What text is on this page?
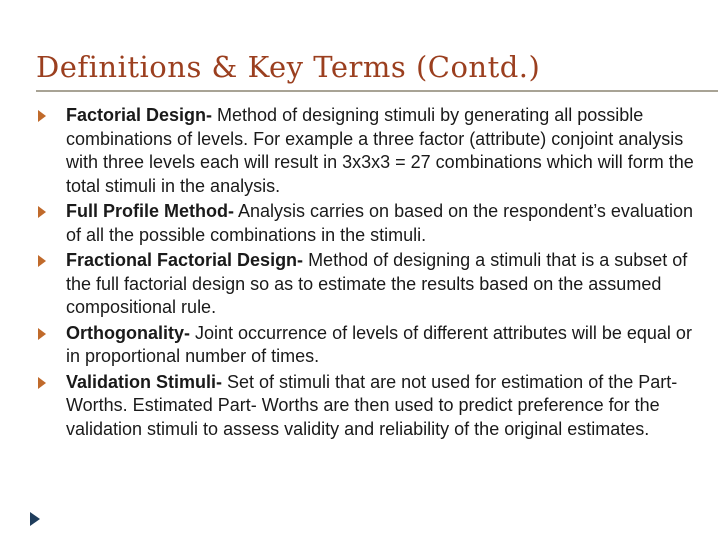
Definitions & Key Terms (Contd.)
Factorial Design- Method of designing stimuli by generating all possible combinations of levels. For example a three factor (attribute) conjoint analysis with three levels each will result in 3x3x3 = 27 combinations which will form the total stimuli in the analysis.
Full Profile Method- Analysis carries on based on the respondent’s evaluation of all the possible combinations in the stimuli.
Fractional Factorial Design- Method of designing a stimuli that is a subset of the full factorial design so as to estimate the results based on the assumed compositional rule.
Orthogonality- Joint occurrence of levels of different attributes will be equal or in proportional number of times.
Validation Stimuli- Set of stimuli that are not used for estimation of the Part- Worths. Estimated Part- Worths are then used to predict preference for the validation stimuli to assess validity and reliability of the original estimates.
